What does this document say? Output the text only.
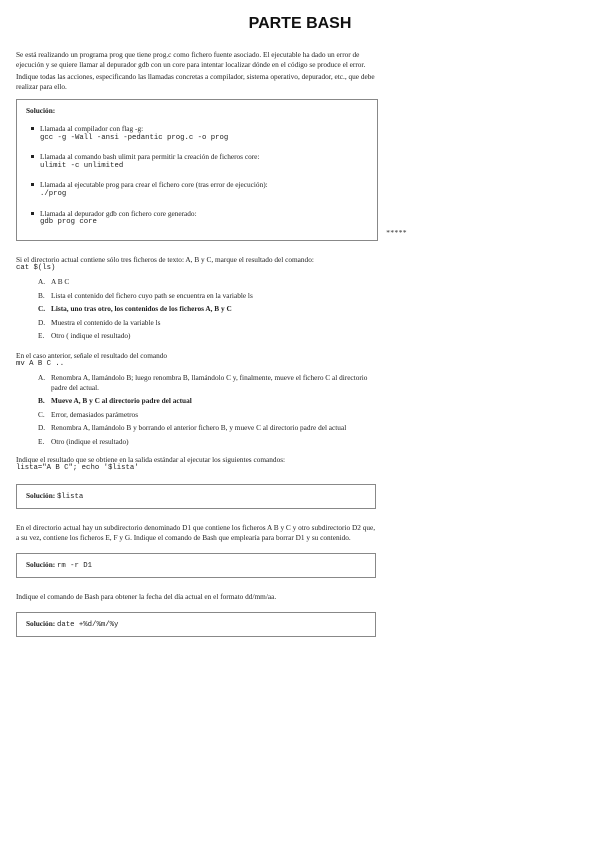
PARTE BASH

Se está realizando un programa prog que tiene prog.c como fichero fuente asociado. El ejecutable ha dado un error de ejecución y se quiere llamar al depurador gdb con un core para intentar localizar dónde en el código se produce el error.

Indique todas las acciones, especificando las llamadas concretas a compilador, sistema operativo, depurador, etc., que debe realizar para ello.

Solución:
Llamada al compilador con flag -g:
gcc -g -Wall -ansi -pedantic prog.c -o prog
Llamada al comando bash ulimit para permitir la creación de ficheros core:
ulimit -c unlimited
Llamada al ejecutable prog para crear el fichero core (tras error de ejecución):
./prog
Llamada al depurador gdb con fichero core generado:
gdb prog core
*****
Si el directorio actual contiene sólo tres ficheros de texto: A, B y C, marque el resultado del comando:
cat $(ls)
A. A B C
B. Lista el contenido del fichero cuyo path se encuentra en la variable ls
C. Lista, uno tras otro, los contenidos de los ficheros A, B y C
D. Muestra el contenido de la variable ls
E. Otro ( indique el resultado)
En el caso anterior, señale el resultado del comando
mv A B C ..
A. Renombra A, llamándolo B; luego renombra B, llamándolo C y, finalmente, mueve el fichero C al directorio padre del actual.
B. Mueve A, B y C al directorio padre del actual
C. Error, demasiados parámetros
D. Renombra A, llamándolo B y borrando el anterior fichero B, y mueve C al directorio padre del actual
E. Otro (indique el resultado)
Indique el resultado que se obtiene en la salida estándar al ejecutar los siguientes comandos:
lista="A B C"; echo '$lista'
Solución: $lista
En el directorio actual hay un subdirectorio denominado D1 que contiene los ficheros A B y C y otro subdirectorio D2 que, a su vez, contiene los ficheros E, F y G. Indique el comando de Bash que emplearía para borrar D1 y su contenido.
Solución: rm -r D1
Indique el comando de Bash para obtener la fecha del día actual en el formato dd/mm/aa.
Solución: date +%d/%m/%y
